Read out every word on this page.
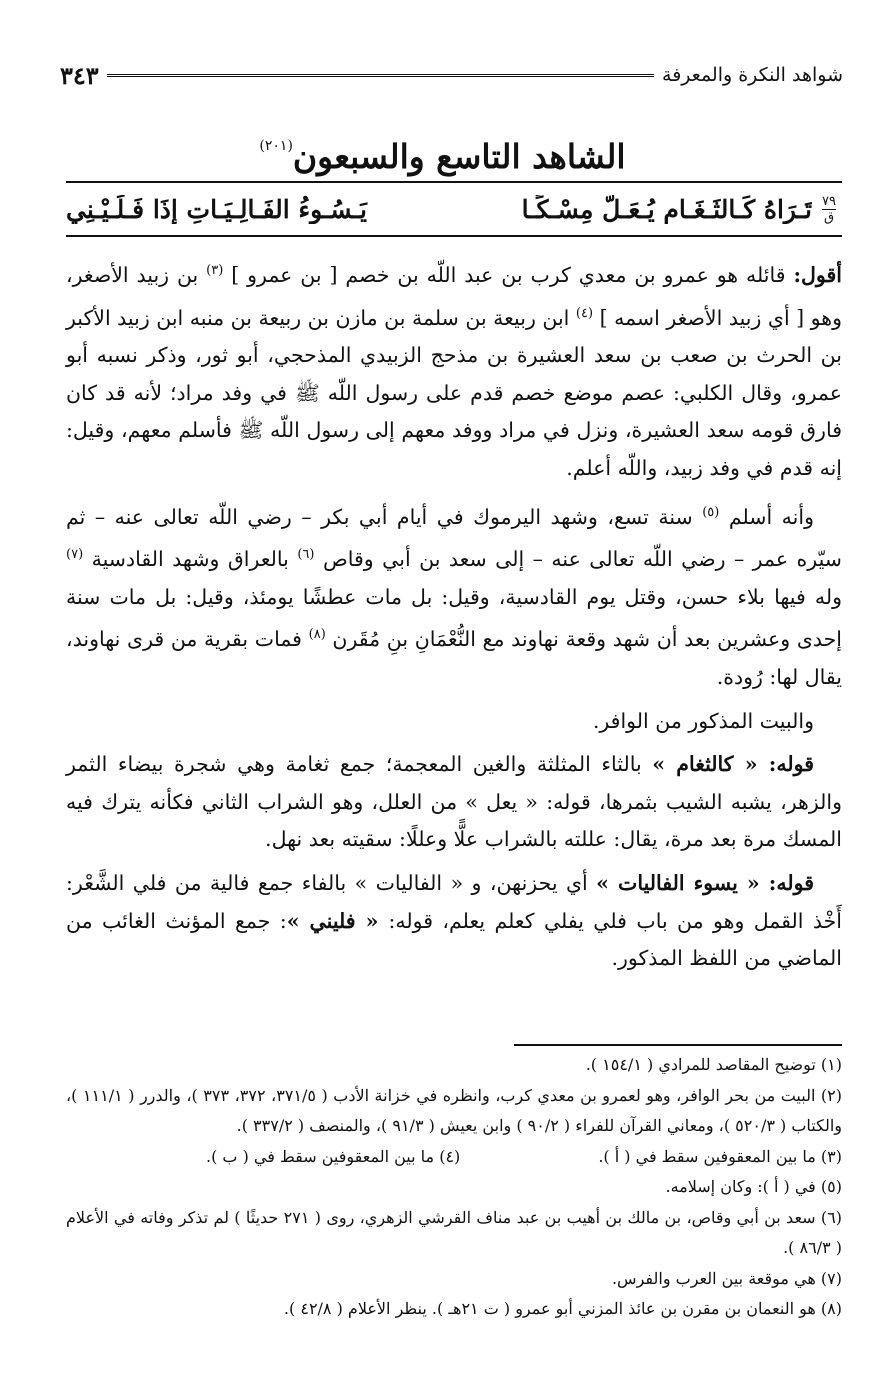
شواهد النكرة والمعرفة
٣٤٣
الشاهد التاسع والسبعون$^{(٢٠١)}$
٧٩
ق
تَـرَاهُ كَـالثَـغَـامِ يُـعَـلُّ مِسْـكًـا
يَـسُـوءُ الفَـالِـيَـاتِ إِذَا فَـلَـيْـنِي

أقول: قائله هو عمرو بن معدي كرب بن عبد اللّه بن خصم [ بن عمرو ] $^{(٣)}$ بن زبيد الأصغر، وهو [ أي زبيد الأصغر اسمه ] $^{(٤)}$ ابن ربيعة بن سلمة بن مازن بن ربيعة بن منبه ابن زبيد الأكبر بن الحرث بن صعب بن سعد العشيرة بن مذحج الزبيدي المذحجي، أبو ثور، وذكر نسبه أبو عمرو، وقال الكلبي: عصم موضع خصم قدم على رسول اللّه ﷺ في وفد مراد؛ لأنه قد كان فارق قومه سعد العشيرة، ونزل في مراد ووفد معهم إلى رسول اللّه ﷺ فأسلم معهم، وقيل: إنه قدم في وفد زبيد، واللّه أعلم.

وأنه أسلم $^{(٥)}$ سنة تسع، وشهد اليرموك في أيام أبي بكر – رضي اللّه تعالى عنه – ثم سيّره عمر – رضي اللّه تعالى عنه – إلى سعد بن أبي وقاص $^{(٦)}$ بالعراق وشهد القادسية $^{(٧)}$ وله فيها بلاء حسن، وقتل يوم القادسية، وقيل: بل مات عطشًا يومئذ، وقيل: بل مات سنة إحدى وعشرين بعد أن شهد وقعة نهاوند مع النُّعْمَانِ بنِ مُقَرن $^{(٨)}$ فمات بقرية من قرى نهاوند، يقال لها: رُودة.

والبيت المذكور من الوافر.

قوله: « كالثغام » بالثاء المثلثة والغين المعجمة؛ جمع ثغامة وهي شجرة بيضاء الثمر والزهر، يشبه الشيب بثمرها، قوله: « يعل » من العلل، وهو الشراب الثاني فكأنه يترك فيه المسك مرة بعد مرة، يقال: عللته بالشراب علًّا وعللًا: سقيته بعد نهل.

قوله: « يسوء الفاليات » أي يحزنهن، و « الفاليات » بالفاء جمع فالية من فلي الشَّعْر: أَخْذ القمل وهو من باب فلي يفلي كعلم يعلم، قوله: « فليني »: جمع المؤنث الغائب من الماضي من اللفظ المذكور.

(١) توضيح المقاصد للمرادي ( ١٥٤/١ ).
(٢) البيت من بحر الوافر، وهو لعمرو بن معدي كرب، وانظره في خزانة الأدب ( ٣٧١/٥، ٣٧٢، ٣٧٣ )، والدرر ( ١١١/١ )، والكتاب ( ٥٢٠/٣ )، ومعاني القرآن للفراء ( ٩٠/٢ ) وابن يعيش ( ٩١/٣ )، والمنصف ( ٣٣٧/٢ ).
(٣) ما بين المعقوفين سقط في ( أ ).
(٤) ما بين المعقوفين سقط في ( ب ).
(٥) في ( أ ): وكان إسلامه.
(٦) سعد بن أبي وقاص، بن مالك بن أهيب بن عبد مناف القرشي الزهري، روى ( ٢٧١ حديثًا ) لم تذكر وفاته في الأعلام ( ٨٦/٣ ).
(٧) هي موقعة بين العرب والفرس.
(٨) هو النعمان بن مقرن بن عائذ المزني أبو عمرو ( ت ٢١هـ ). ينظر الأعلام ( ٤٢/٨ ).
